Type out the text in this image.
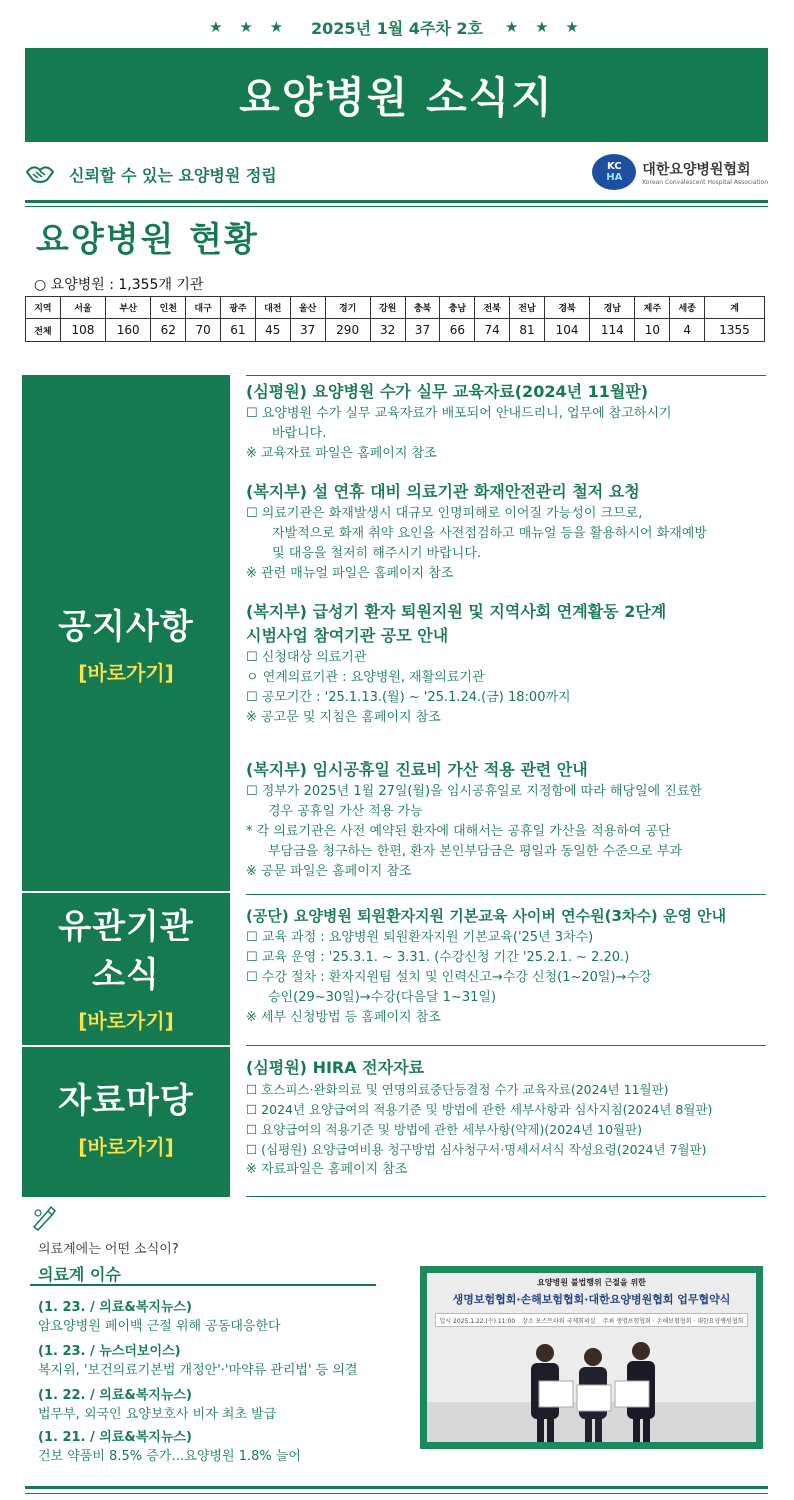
★ ★ ★ 2025년 1월 4주차 2호 ★ ★ ★
요양병원 소식지
신뢰할 수 있는 요양병원 정립	KC
HA 대한요양병원협회
Korean Convalescent Hospital Association
요양병원 현황
○ 요양병원 : 1,355개 기관
지역	서울	부산	인천	대구	광주	대전	울산	경기	강원	충북	충남	전북	전남	경북	경남	제주	세종	계
전체	108	160	62	70	61	45	37	290	32	37	66	74	81	104	114	10	4	1355
공지사항
[바로가기]
유관기관
소식
[바로가기]
자료마당
[바로가기]
(심평원) 요양병원 수가 실무 교육자료(2024년 11월판)
☐ 요양병원 수가 실무 교육자료가 배포되어 안내드리니, 업무에 참고하시기
바랍니다.
※ 교육자료 파일은 홈페이지 참조
(복지부) 설 연휴 대비 의료기관 화재안전관리 철저 요청
☐ 의료기관은 화재발생시 대규모 인명피해로 이어질 가능성이 크므로,
자발적으로 화재 취약 요인을 사전점검하고 매뉴얼 등을 활용하시어 화재예방
및 대응을 철저히 해주시기 바랍니다.
※ 관련 매뉴얼 파일은 홈페이지 참조
(복지부) 급성기 환자 퇴원지원 및 지역사회 연계활동 2단계
시범사업 참여기관 공모 안내
☐ 신청대상 의료기관
ㅇ 연계의료기관 : 요양병원, 재활의료기관
☐ 공모기간 : '25.1.13.(월) ~ '25.1.24.(금) 18:00까지
※ 공고문 및 지침은 홈페이지 참조
(복지부) 임시공휴일 진료비 가산 적용 관련 안내
☐ 정부가 2025년 1월 27일(월)을 임시공휴일로 지정함에 따라 해당일에 진료한
경우 공휴일 가산 적용 가능
* 각 의료기관은 사전 예약된 환자에 대해서는 공휴일 가산을 적용하여 공단
부담금을 청구하는 한편, 환자 본인부담금은 평일과 동일한 수준으로 부과
※ 공문 파일은 홈페이지 참조
(공단) 요양병원 퇴원환자지원 기본교육 사이버 연수원(3차수) 운영 안내
☐ 교육 과정 : 요양병원 퇴원환자지원 기본교육('25년 3차수)
☐ 교육 운영 : '25.3.1. ~ 3.31. (수강신청 기간 '25.2.1. ~ 2.20.)
☐ 수강 절차 : 환자지원팀 설치 및 인력신고→수강 신청(1~20일)→수강
승인(29~30일)→수강(다음달 1~31일)
※ 세부 신청방법 등 홈페이지 참조
(심평원) HIRA 전자자료
☐ 호스피스·완화의료 및 연명의료중단등결정 수가 교육자료(2024년 11월판)
☐ 2024년 요양급여의 적용기준 및 방법에 관한 세부사항과 심사지침(2024년 8월판)
☐ 요양급여의 적용기준 및 방법에 관한 세부사항(약제)(2024년 10월판)
☐ (심평원) 요양급여비용 청구방법 심사청구서·명세서서식 작성요령(2024년 7월판)
※ 자료파일은 홈페이지 참조
의료계에는 어떤 소식이?
의료계 이슈
(1. 23. / 의료&복지뉴스)
암요양병원 페이백 근절 위해 공동대응한다
(1. 23. / 뉴스더보이스)
복지위, '보건의료기본법 개정안'·'마약류 관리법' 등 의결
(1. 22. / 의료&복지뉴스)
법무부, 외국인 요양보호사 비자 최초 발급
(1. 21. / 의료&복지뉴스)
건보 약품비 8.5% 증가…요양병원 1.8% 늘어
요양병원 불법행위 근절을 위한
생명보험협회·손해보험협회·대한요양병원협회 업무협약식
일시 2025.1.22.(수) 11:00 장소 포스트타워 국제회의실 주최 생명보험협회 · 손해보험협회 · 대한요양병원협회
